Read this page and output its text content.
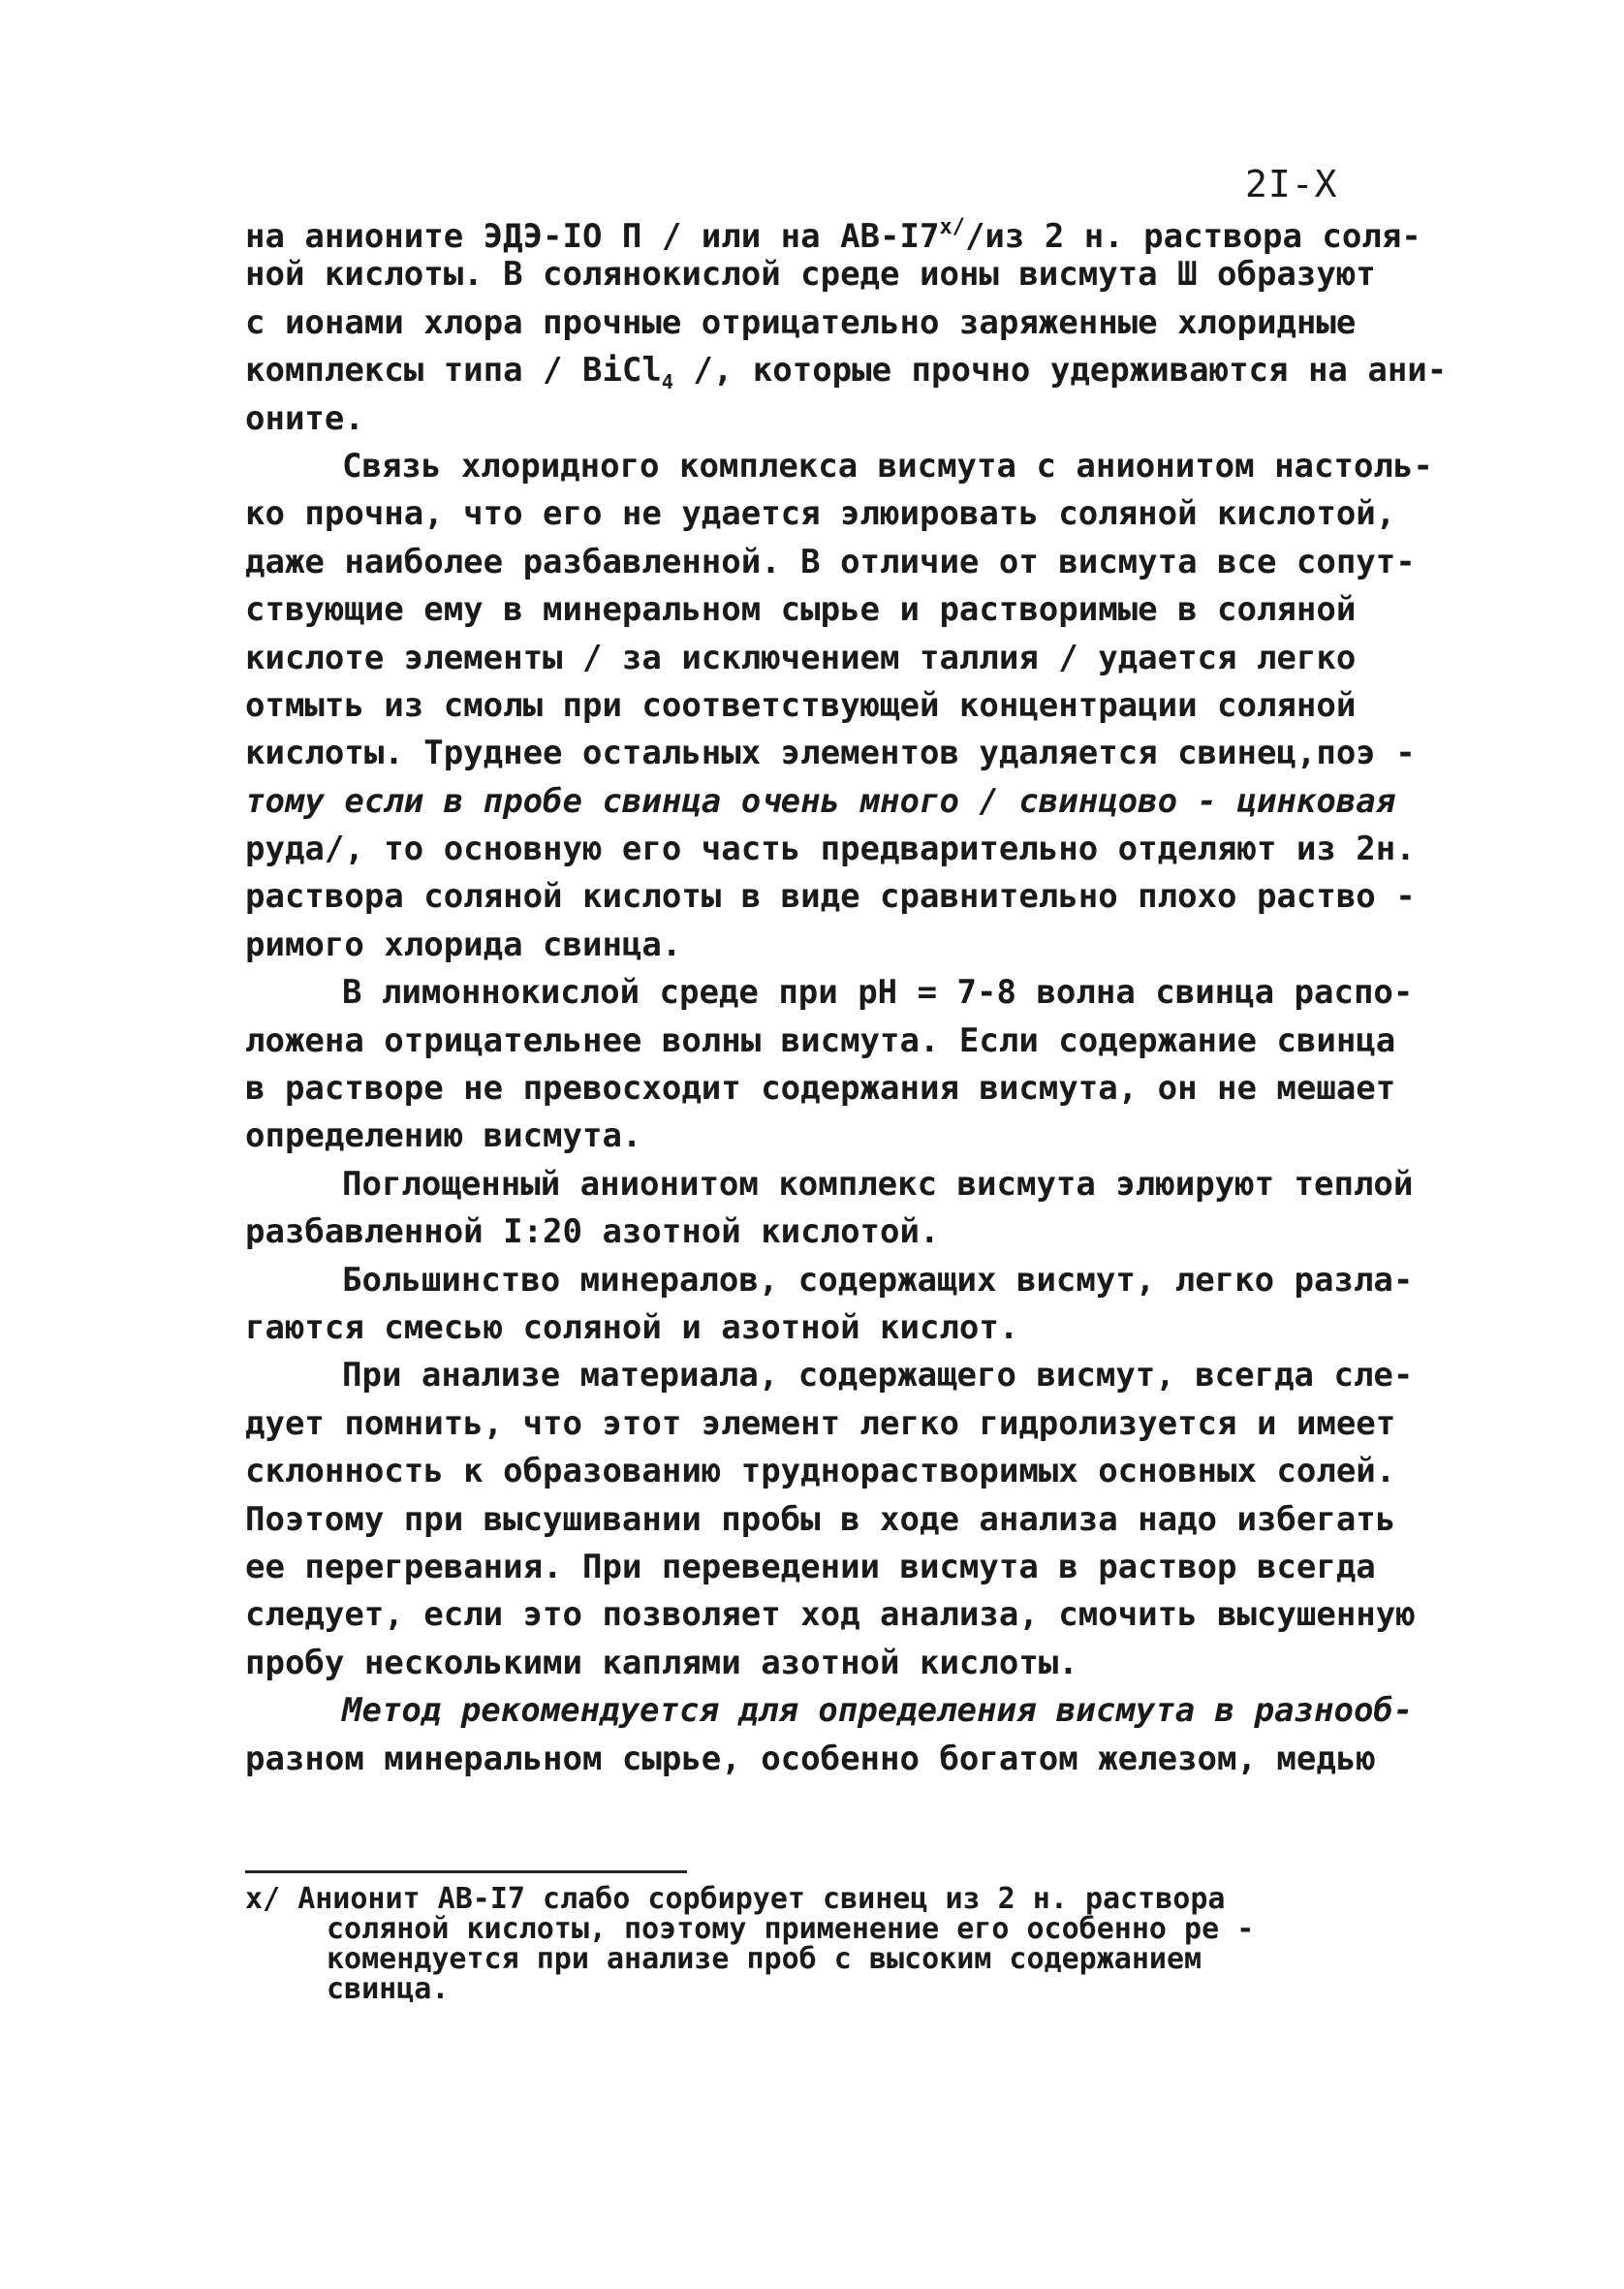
2I-X
на анионите ЭДЭ-IO П / или на $АВ-I7^{х/}/из$ 2 н. раствора соля-
ной кислоты. В солянокислой среде ионы висмута Ш образуют
с ионами хлора прочные отрицательно заряженные хлоридные
комплексы типа / BiCl$_4$ /, которые прочно удерживаются на ани-
оните.
Связь хлоридного комплекса висмута с анионитом настоль-
ко прочна, что его не удается элюировать соляной кислотой,
даже наиболее разбавленной. В отличие от висмута все сопут-
ствующие ему в минеральном сырье и растворимые в соляной
кислоте элементы / за исключением таллия / удается легко
отмыть из смолы при соответствующей концентрации соляной
кислоты. Труднее остальных элементов удаляется свинец,поэ -
тому если в пробе свинца очень много / свинцово - цинковая
руда/, то основную его часть предварительно отделяют из 2н.
раствора соляной кислоты в виде сравнительно плохо раство -
римого хлорида свинца.
В лимоннокислой среде при pH = 7-8 волна свинца распо-
ложена отрицательнее волны висмута. Если содержание свинца
в растворе не превосходит содержания висмута, он не мешает
определению висмута.
Поглощенный анионитом комплекс висмута элюируют теплой
разбавленной I:20 азотной кислотой.
Большинство минералов, содержащих висмут, легко разла-
гаются смесью соляной и азотной кислот.
При анализе материала, содержащего висмут, всегда сле-
дует помнить, что этот элемент легко гидролизуется и имеет
склонность к образованию труднорастворимых основных солей.
Поэтому при высушивании пробы в ходе анализа надо избегать
ее перегревания. При переведении висмута в раствор всегда
следует, если это позволяет ход анализа, смочить высушенную
пробу несколькими каплями азотной кислоты.
Метод рекомендуется для определения висмута в разнооб-
разном минеральном сырье, особенно богатом железом, медью
х/ Анионит АВ-I7 слабо сорбирует свинец из 2 н. раствора
соляной кислоты, поэтому применение его особенно ре -
комендуется при анализе проб с высоким содержанием
свинца.
